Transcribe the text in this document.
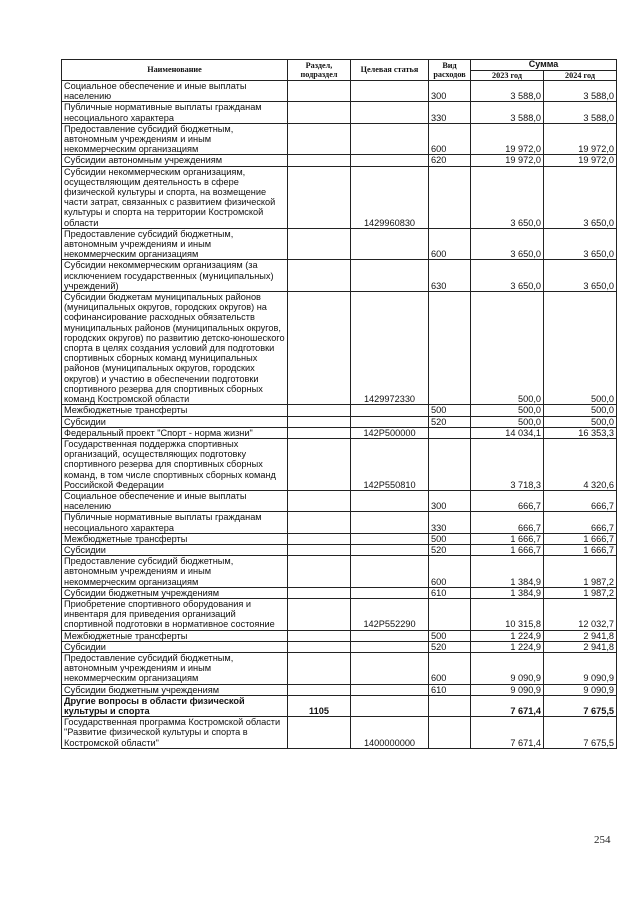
Наименование	Раздел, подраздел	Целевая статья	Вид расходов	Сумма	
				2023 год	2024 год
Социальное обеспечение и иные выплаты населению			300	3 588,0	3 588,0
Публичные нормативные выплаты гражданам несоциального характера			330	3 588,0	3 588,0
Предоставление субсидий бюджетным, автономным учреждениям и иным некоммерческим организациям			600	19 972,0	19 972,0
Субсидии автономным учреждениям			620	19 972,0	19 972,0
Субсидии некоммерческим организациям, осуществляющим деятельность в сфере физической культуры и спорта, на возмещение части затрат, связанных с развитием физической культуры и спорта на территории Костромской области		1429960830		3 650,0	3 650,0
Предоставление субсидий бюджетным, автономным учреждениям и иным некоммерческим организациям			600	3 650,0	3 650,0
Субсидии некоммерческим организациям (за исключением государственных (муниципальных) учреждений)			630	3 650,0	3 650,0
Субсидии бюджетам муниципальных районов (муниципальных округов, городских округов) на софинансирование расходных обязательств муниципальных районов (муниципальных округов, городских округов) по развитию детско-юношеского спорта в целях создания условий для подготовки спортивных сборных команд муниципальных районов (муниципальных округов, городских округов) и участию в обеспечении подготовки спортивного резерва для спортивных сборных команд Костромской области		1429972330		500,0	500,0
Межбюджетные трансферты			500	500,0	500,0
Субсидии			520	500,0	500,0
Федеральный проект "Спорт - норма жизни"		142P500000		14 034,1	16 353,3
Государственная поддержка спортивных организаций, осуществляющих подготовку спортивного резерва для спортивных сборных команд, в том числе спортивных сборных команд Российской Федерации		142P550810		3 718,3	4 320,6
Социальное обеспечение и иные выплаты населению			300	666,7	666,7
Публичные нормативные выплаты гражданам несоциального характера			330	666,7	666,7
Межбюджетные трансферты			500	1 666,7	1 666,7
Субсидии			520	1 666,7	1 666,7
Предоставление субсидий бюджетным, автономным учреждениям и иным некоммерческим организациям			600	1 384,9	1 987,2
Субсидии бюджетным учреждениям			610	1 384,9	1 987,2
Приобретение спортивного оборудования и инвентаря для приведения организаций спортивной подготовки в нормативное состояние		142P552290		10 315,8	12 032,7
Межбюджетные трансферты			500	1 224,9	2 941,8
Субсидии			520	1 224,9	2 941,8
Предоставление субсидий бюджетным, автономным учреждениям и иным некоммерческим организациям			600	9 090,9	9 090,9
Субсидии бюджетным учреждениям			610	9 090,9	9 090,9
Другие вопросы в области физической культуры и спорта	1105			7 671,4	7 675,5
Государственная программа Костромской области "Развитие физической культуры и спорта в Костромской области"		1400000000		7 671,4	7 675,5
254
